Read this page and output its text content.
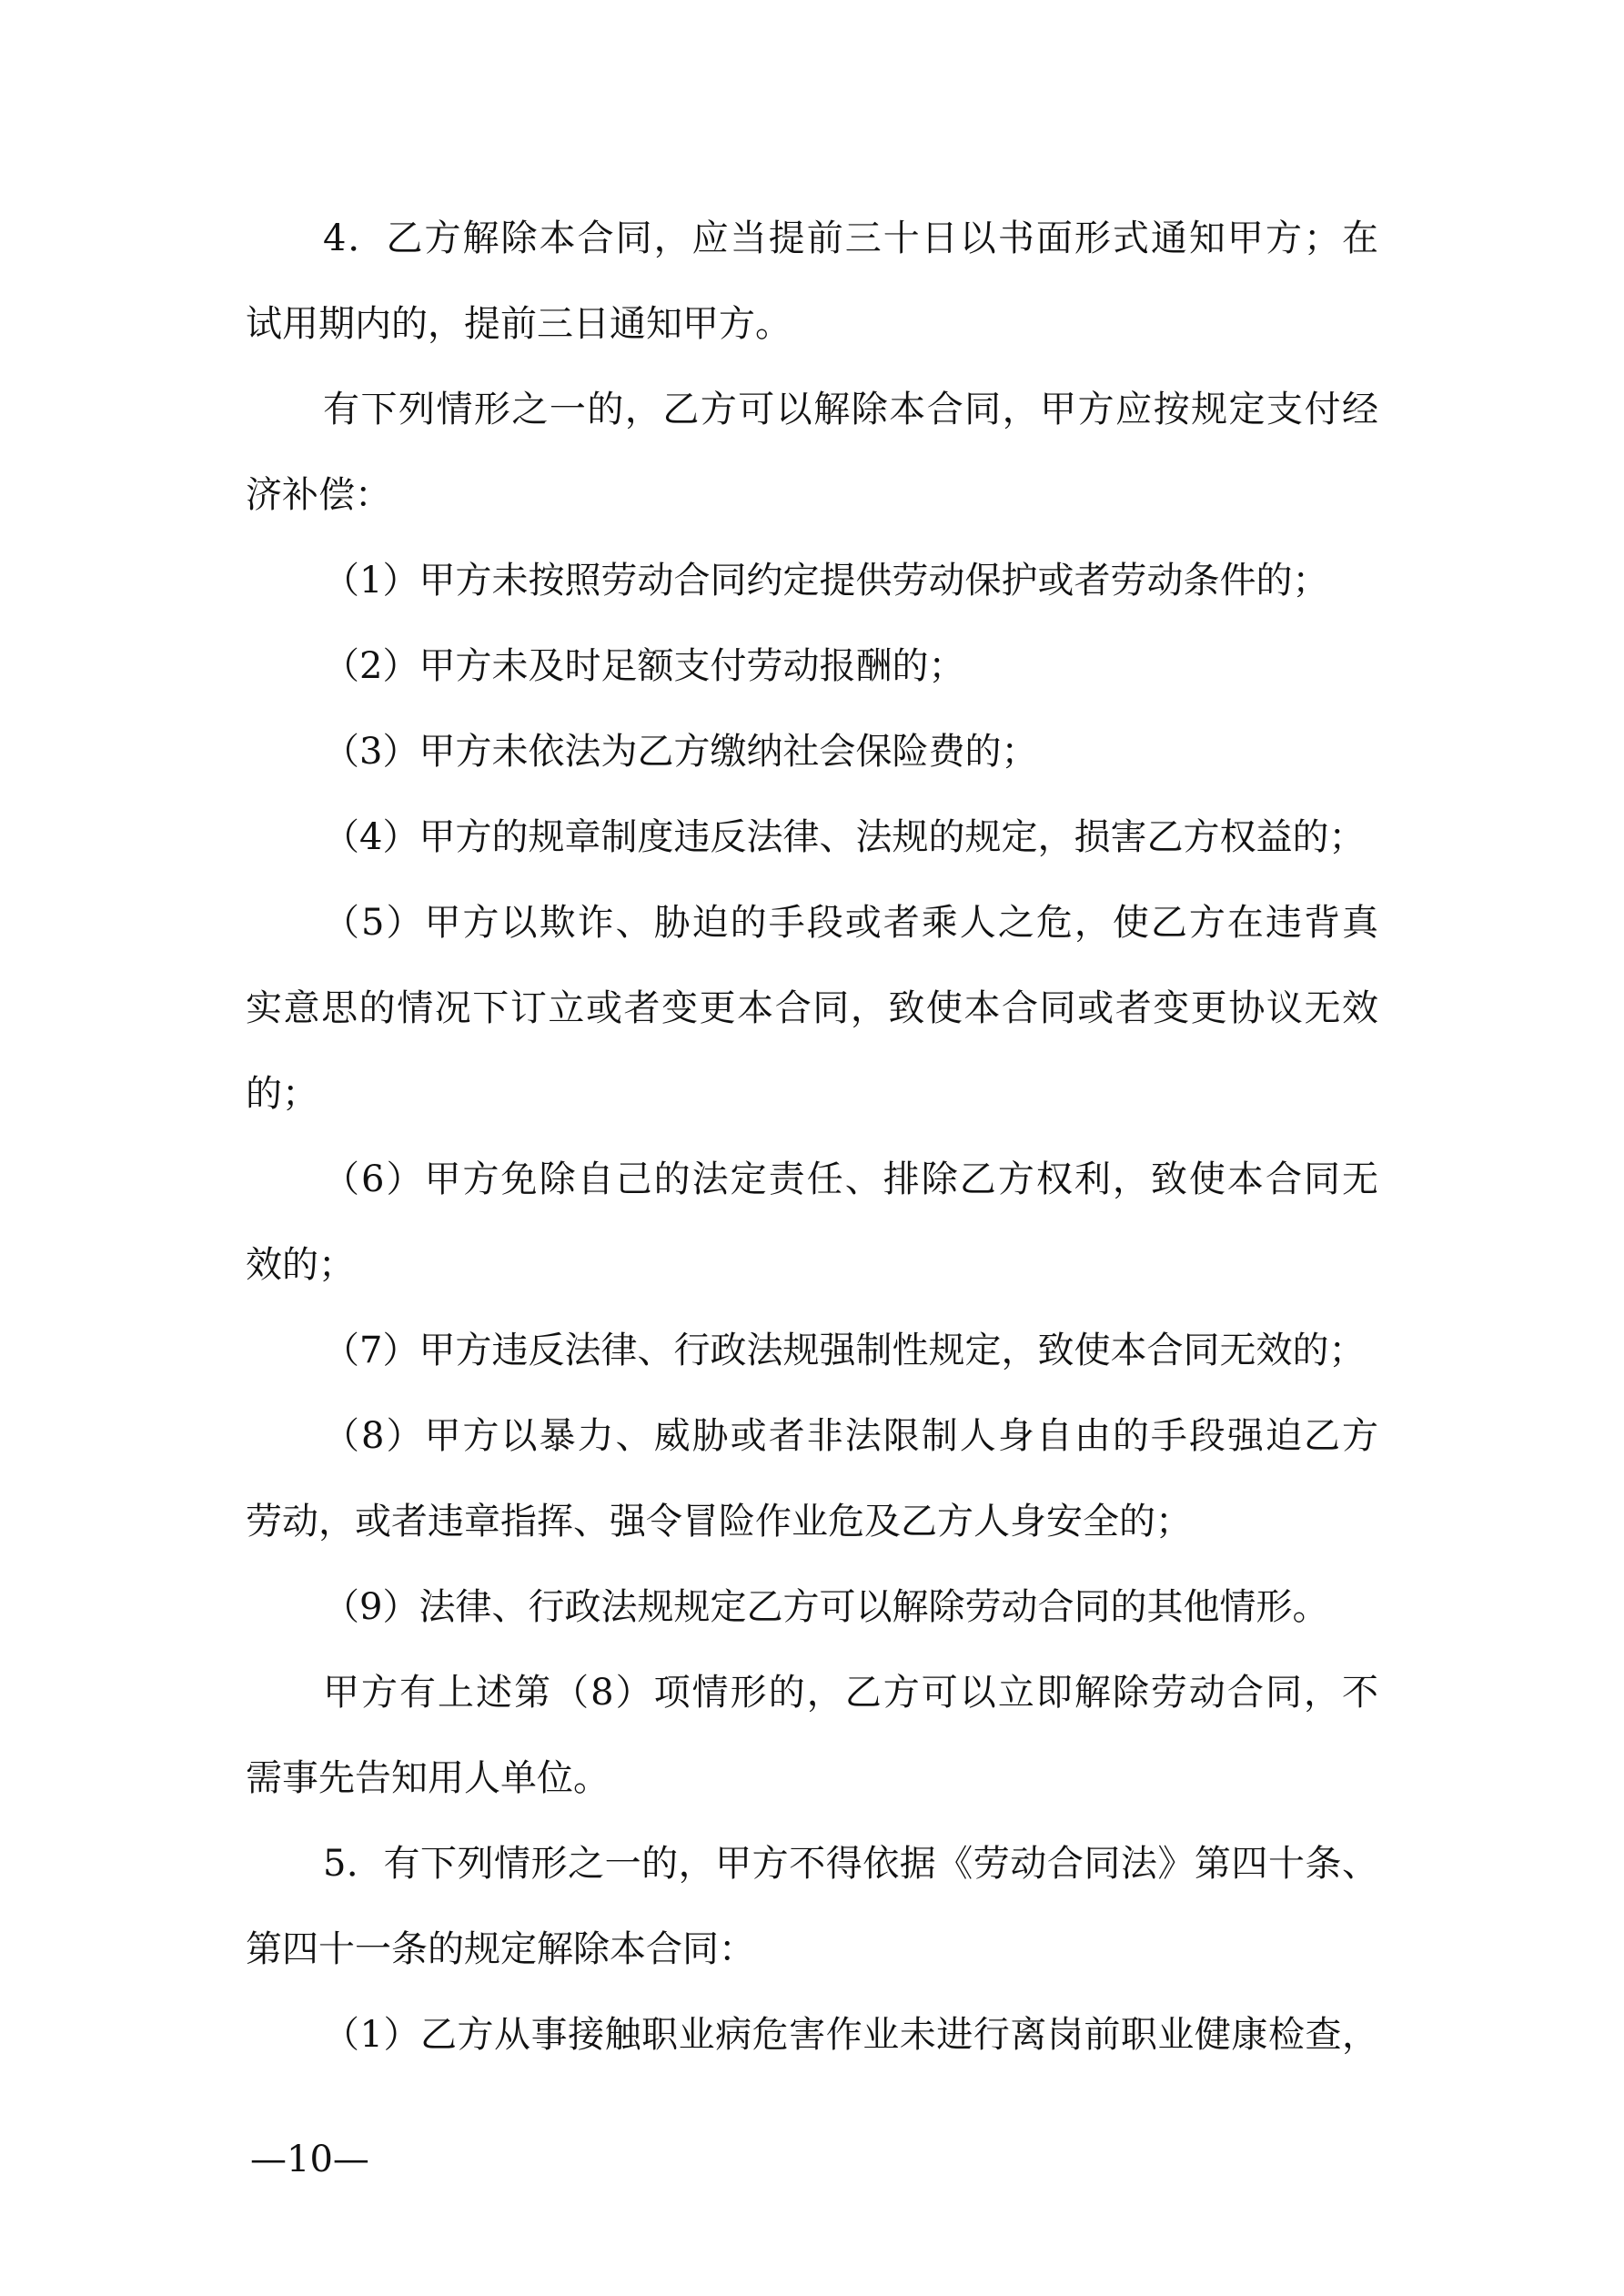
4．乙方解除本合同，应当提前三十日以书面形式通知甲方；在
试用期内的，提前三日通知甲方。
有下列情形之一的，乙方可以解除本合同，甲方应按规定支付经
济补偿：
（1）甲方未按照劳动合同约定提供劳动保护或者劳动条件的；
（2）甲方未及时足额支付劳动报酬的；
（3）甲方未依法为乙方缴纳社会保险费的；
（4）甲方的规章制度违反法律、法规的规定，损害乙方权益的；
（5）甲方以欺诈、胁迫的手段或者乘人之危，使乙方在违背真
实意思的情况下订立或者变更本合同，致使本合同或者变更协议无效
的；
（6）甲方免除自己的法定责任、排除乙方权利，致使本合同无
效的；
（7）甲方违反法律、行政法规强制性规定，致使本合同无效的；
（8）甲方以暴力、威胁或者非法限制人身自由的手段强迫乙方
劳动，或者违章指挥、强令冒险作业危及乙方人身安全的；
（9）法律、行政法规规定乙方可以解除劳动合同的其他情形。
甲方有上述第（8）项情形的，乙方可以立即解除劳动合同，不
需事先告知用人单位。
5．有下列情形之一的，甲方不得依据《劳动合同法》第四十条、
第四十一条的规定解除本合同：
（1）乙方从事接触职业病危害作业未进行离岗前职业健康检查，
—10—
